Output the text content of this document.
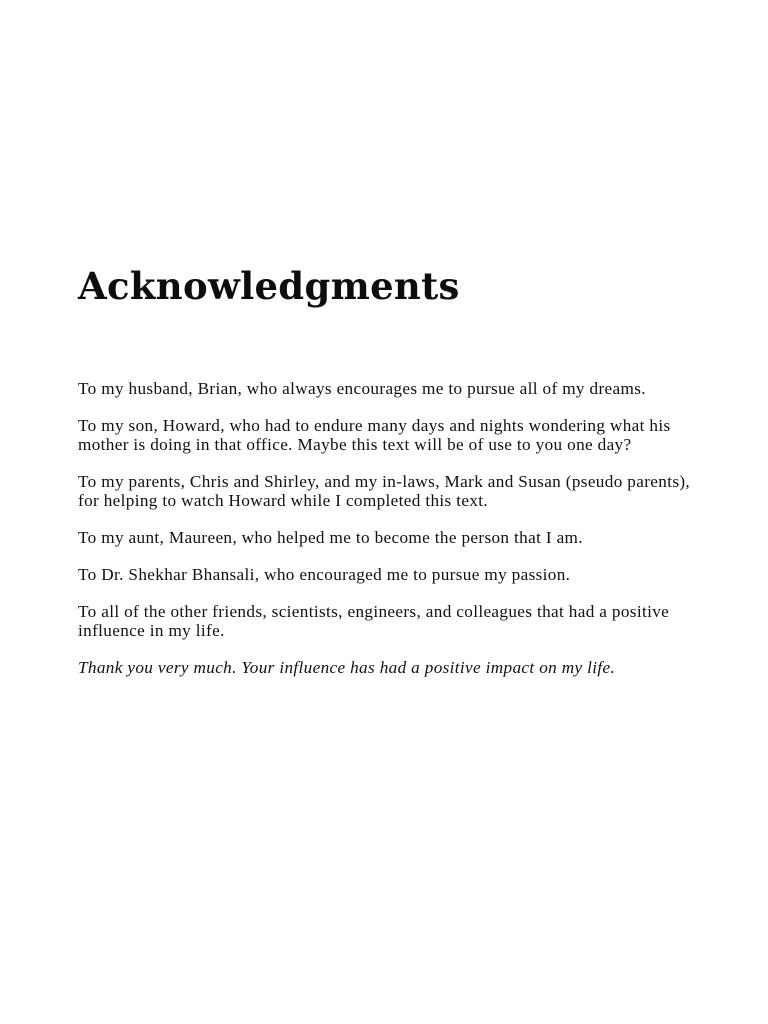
Acknowledgments

To my husband, Brian, who always encourages me to pursue all of my dreams.

To my son, Howard, who had to endure many days and nights wondering what his mother is doing in that office. Maybe this text will be of use to you one day?

To my parents, Chris and Shirley, and my in-laws, Mark and Susan (pseudo parents), for helping to watch Howard while I completed this text.

To my aunt, Maureen, who helped me to become the person that I am.

To Dr. Shekhar Bhansali, who encouraged me to pursue my passion.

To all of the other friends, scientists, engineers, and colleagues that had a positive influence in my life.

Thank you very much. Your influence has had a positive impact on my life.
